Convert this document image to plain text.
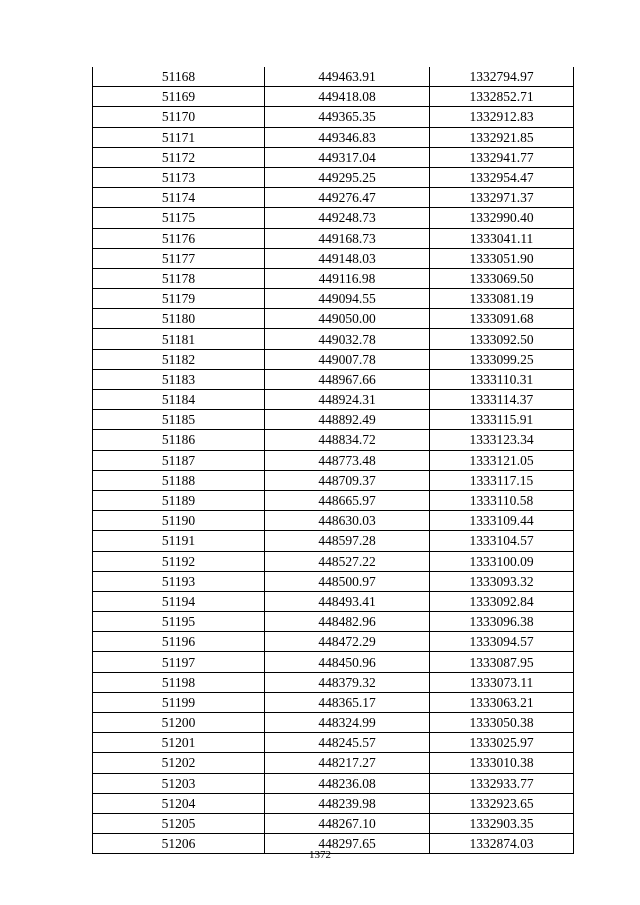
51168	449463.91	1332794.97
51169	449418.08	1332852.71
51170	449365.35	1332912.83
51171	449346.83	1332921.85
51172	449317.04	1332941.77
51173	449295.25	1332954.47
51174	449276.47	1332971.37
51175	449248.73	1332990.40
51176	449168.73	1333041.11
51177	449148.03	1333051.90
51178	449116.98	1333069.50
51179	449094.55	1333081.19
51180	449050.00	1333091.68
51181	449032.78	1333092.50
51182	449007.78	1333099.25
51183	448967.66	1333110.31
51184	448924.31	1333114.37
51185	448892.49	1333115.91
51186	448834.72	1333123.34
51187	448773.48	1333121.05
51188	448709.37	1333117.15
51189	448665.97	1333110.58
51190	448630.03	1333109.44
51191	448597.28	1333104.57
51192	448527.22	1333100.09
51193	448500.97	1333093.32
51194	448493.41	1333092.84
51195	448482.96	1333096.38
51196	448472.29	1333094.57
51197	448450.96	1333087.95
51198	448379.32	1333073.11
51199	448365.17	1333063.21
51200	448324.99	1333050.38
51201	448245.57	1333025.97
51202	448217.27	1333010.38
51203	448236.08	1332933.77
51204	448239.98	1332923.65
51205	448267.10	1332903.35
51206	448297.65	1332874.03
1372
